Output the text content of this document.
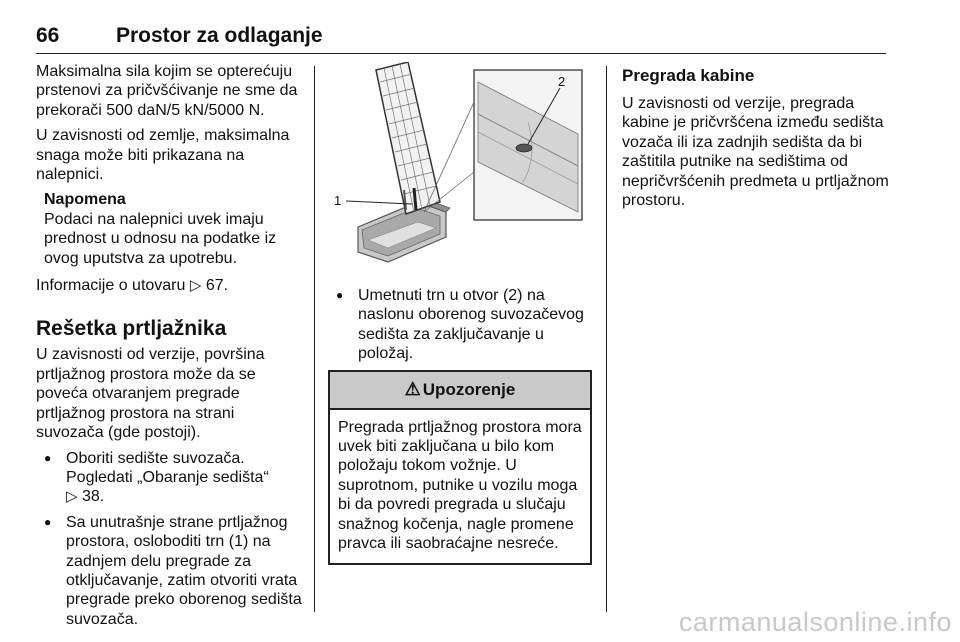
66	Prostor za odlaganje

Maksimalna sila kojim se opterećuju prstenovi za pričvšćivanje ne sme da prekorači 500 daN/5 kN/5000 N.

U zavisnosti od zemlje, maksimalna snaga može biti prikazana na nalepnici.

Napomena
Podaci na nalepnici uvek imaju prednost u odnosu na podatke iz ovog uputstva za upotrebu.

Informacije o utovaru ▷ 67.

Rešetka prtljažnika

U zavisnosti od verzije, površina prtljažnog prostora može da se poveća otvaranjem pregrade prtljažnog prostora na strani suvozača (gde postoji).

● Oboriti sedište suvozača. Pogledati „Obaranje sedišta“
▷ 38.
● Sa unutrašnje strane prtljažnog prostora, osloboditi trn (1) na zadnjem delu pregrade za otključavanje, zatim otvoriti vrata pregrade preko oborenog sedišta suvozača.
1
2
● Umetnuti trn u otvor (2) na naslonu oborenog suvozačevog sedišta za zaključavanje u položaj.
⚠ Upozorenje
Pregrada prtljažnog prostora mora uvek biti zaključana u bilo kom položaju tokom vožnje. U suprotnom, putnike u vozilu moga bi da povredi pregrada u slučaju snažnog kočenja, nagle promene pravca ili saobraćajne nesreće.
Pregrada kabine

U zavisnosti od verzije, pregrada kabine je pričvršćena između sedišta vozača ili iza zadnjih sedišta da bi zaštitila putnike na sedištima od nepričvršćenih predmeta u prtljažnom prostoru.

carmanualsonline.info
